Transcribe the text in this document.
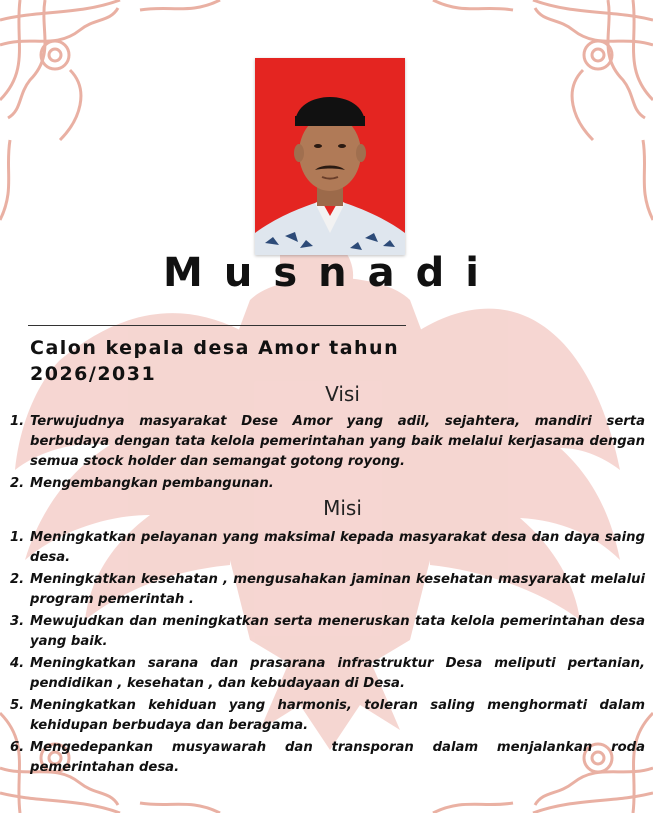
Musnadi
Calon kepala desa Amor tahun 2026/2031
Visi
1. Terwujudnya masyarakat Dese Amor yang adil, sejahtera, mandiri serta berbudaya dengan tata kelola pemerintahan yang baik melalui kerjasama dengan semua stock holder dan semangat gotong royong.
2. Mengembangkan pembangunan.
Misi
1. Meningkatkan pelayanan yang maksimal kepada masyarakat desa dan daya saing desa.
2. Meningkatkan kesehatan , mengusahakan jaminan kesehatan masyarakat melalui program pemerintah .
3. Mewujudkan dan meningkatkan serta meneruskan tata kelola pemerintahan desa yang baik.
4. Meningkatkan sarana dan prasarana infrastruktur Desa meliputi pertanian, pendidikan , kesehatan , dan kebudayaan di Desa.
5. Meningkatkan kehiduan yang harmonis, toleran saling menghormati dalam kehidupan berbudaya dan beragama.
6. Mengedepankan musyawarah dan transporan dalam menjalankan roda pemerintahan desa.
